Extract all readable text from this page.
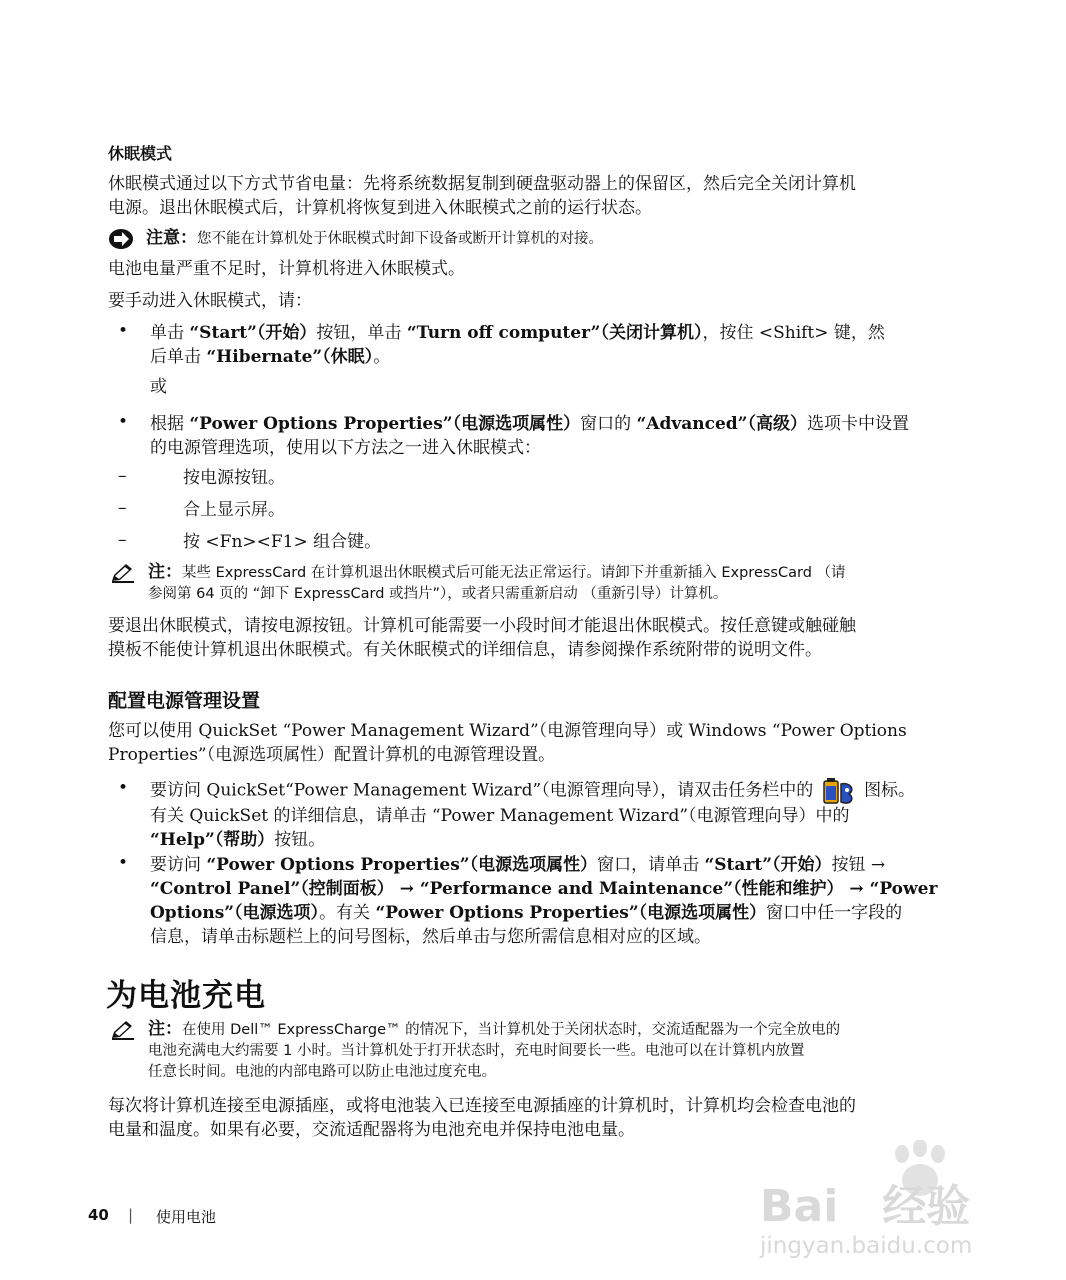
休眠模式
休眠模式通过以下方式节省电量：先将系统数据复制到硬盘驱动器上的保留区，然后完全关闭计算机
电源。退出休眠模式后，计算机将恢复到进入休眠模式之前的运行状态。
注意：您不能在计算机处于休眠模式时卸下设备或断开计算机的对接。
电池电量严重不足时，计算机将进入休眠模式。
要手动进入休眠模式，请：
• 单击 “Start”（开始）按钮，单击 “Turn off computer”（关闭计算机），按住 <Shift> 键，然
后单击 “Hibernate”（休眠）。
或
• 根据 “Power Options Properties”（电源选项属性）窗口的 “Advanced”（高级）选项卡中设置
的电源管理选项，使用以下方法之一进入休眠模式：
–	按电源按钮。
–	合上显示屏。
–	按 <Fn><F1> 组合键。
注：某些 ExpressCard 在计算机退出休眠模式后可能无法正常运行。请卸下并重新插入 ExpressCard （请
参阅第 64 页的 “卸下 ExpressCard 或挡片”），或者只需重新启动 （重新引导）计算机。
要退出休眠模式，请按电源按钮。计算机可能需要一小段时间才能退出休眠模式。按任意键或触碰触
摸板不能使计算机退出休眠模式。有关休眠模式的详细信息，请参阅操作系统附带的说明文件。
配置电源管理设置
您可以使用 QuickSet “Power Management Wizard”（电源管理向导）或 Windows “Power Options
Properties”（电源选项属性）配置计算机的电源管理设置。
• 要访问 QuickSet“Power Management Wizard”（电源管理向导），请双击任务栏中的	图标。
有关 QuickSet 的详细信息，请单击 “Power Management Wizard”（电源管理向导）中的
“Help”（帮助）按钮。
• 要访问 “Power Options Properties”（电源选项属性）窗口，请单击 “Start”（开始）按钮 →
“Control Panel”（控制面板） → “Performance and Maintenance”（性能和维护） → “Power
Options”（电源选项）。有关 “Power Options Properties”（电源选项属性）窗口中任一字段的
信息，请单击标题栏上的问号图标，然后单击与您所需信息相对应的区域。
为电池充电
注：在使用 Dell™ ExpressCharge™ 的情况下，当计算机处于关闭状态时，交流适配器为一个完全放电的
电池充满电大约需要 1 小时。当计算机处于打开状态时，充电时间要长一些。电池可以在计算机内放置
任意长时间。电池的内部电路可以防止电池过度充电。
每次将计算机连接至电源插座，或将电池装入已连接至电源插座的计算机时，计算机均会检查电池的
电量和温度。如果有必要，交流适配器将为电池充电并保持电池电量。
40 | 使用电池	Bai 经验
jingyan.baidu.com
